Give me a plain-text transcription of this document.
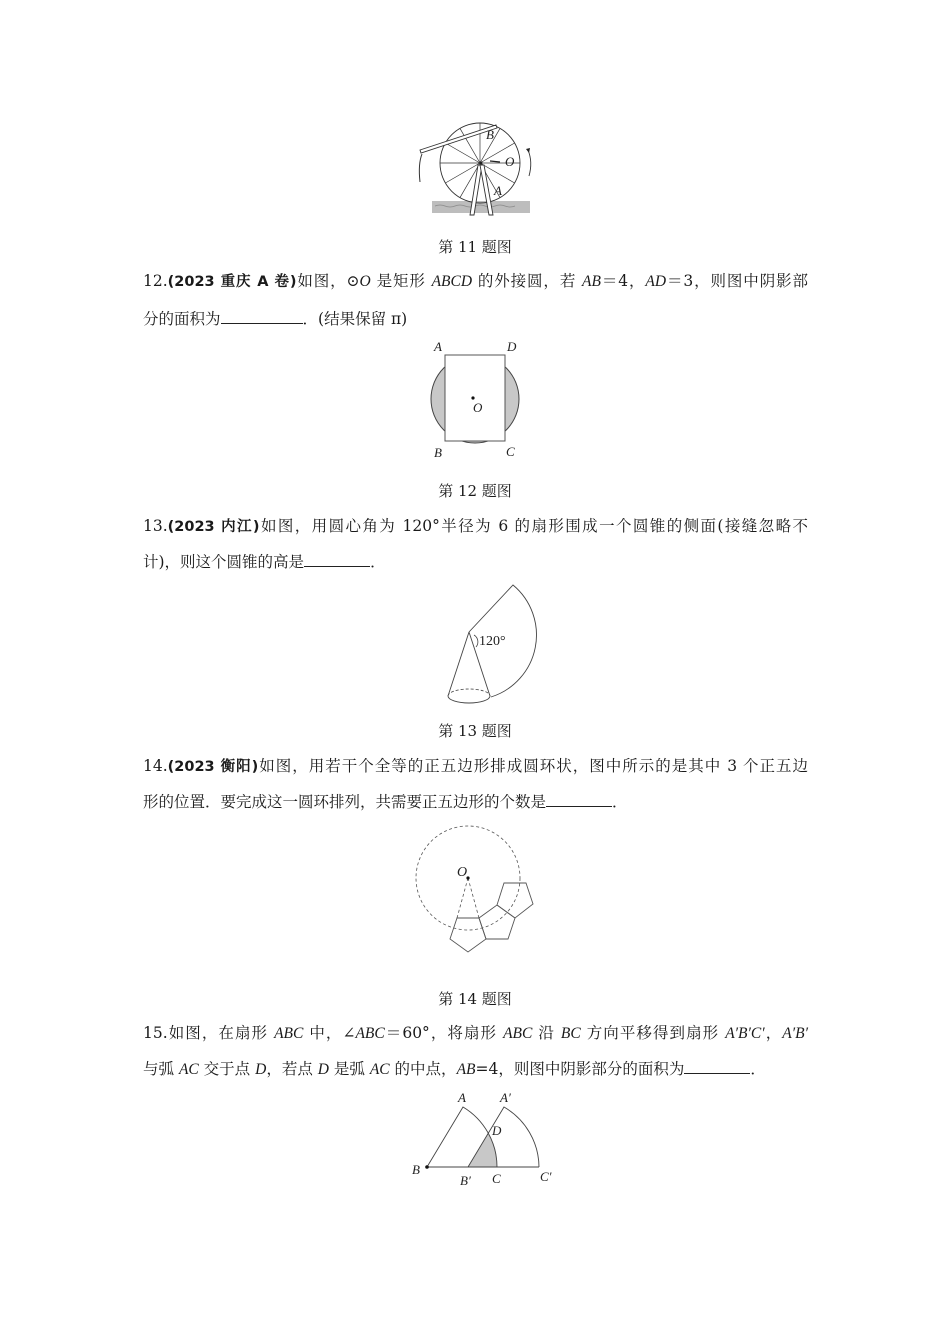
B
O
A
第 11 题图
12.(2023 重庆 A 卷)如图，⊙O 是矩形 ABCD 的外接圆，若 AB＝4，AD＝3，则图中阴影部
分的面积为	．(结果保留 π)
O
A	D
B	C
第 12 题图
13.(2023 内江)如图，用圆心角为 120°半径为 6 的扇形围成一个圆锥的侧面(接缝忽略不
计)，则这个圆锥的高是	．
120°
第 13 题图
14.(2023 衡阳)如图，用若干个全等的正五边形排成圆环状，图中所示的是其中 3 个正五边
形的位置．要完成这一圆环排列，共需要正五边形的个数是	．
O
第 14 题图
15.如图，在扇形 ABC 中，∠ABC＝60°，将扇形 ABC 沿 BC 方向平移得到扇形 A′B′C′，A′B′
与弧 AC 交于点 D，若点 D 是弧 AC 的中点，AB=4，则图中阴影部分的面积为	．
A	A′
D
B
B′ C	C′
